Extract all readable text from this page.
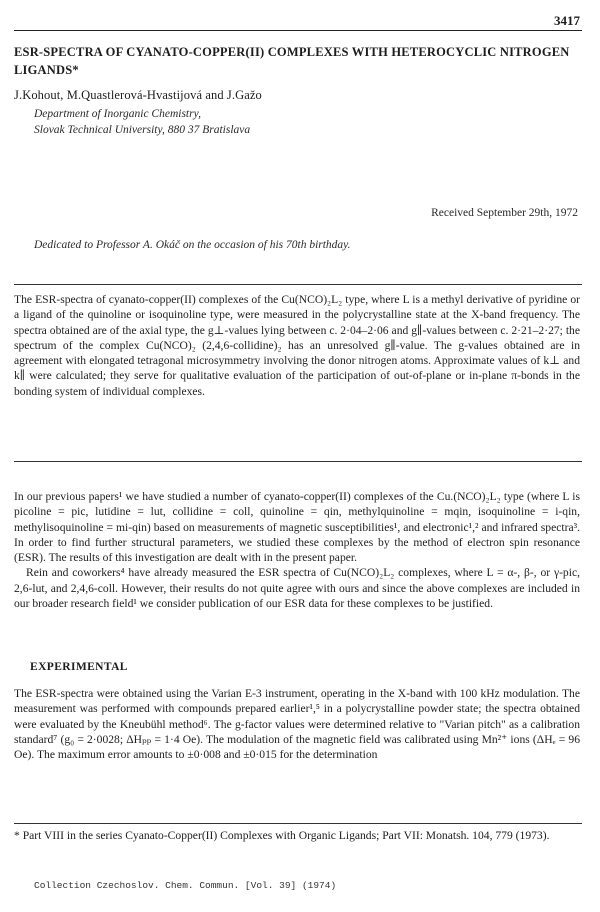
3417
ESR-SPECTRA OF CYANATO-COPPER(II) COMPLEXES WITH HETEROCYCLIC NITROGEN LIGANDS*
J.Kohout, M.Quastlerová-Hvastijová and J.Gažo
Department of Inorganic Chemistry,
Slovak Technical University, 880 37 Bratislava
Received September 29th, 1972
Dedicated to Professor A. Okáč on the occasion of his 70th birthday.
The ESR-spectra of cyanato-copper(II) complexes of the Cu(NCO)₂L₂ type, where L is a methyl derivative of pyridine or a ligand of the quinoline or isoquinoline type, were measured in the polycrystalline state at the X-band frequency. The spectra obtained are of the axial type, the g⊥-values lying between c. 2·04–2·06 and g∥-values between c. 2·21–2·27; the spectrum of the complex Cu(NCO)₂ (2,4,6-collidine)₂ has an unresolved g∥-value. The g-values obtained are in agreement with elongated tetragonal microsymmetry involving the donor nitrogen atoms. Approximate values of k⊥ and k∥ were calculated; they serve for qualitative evaluation of the participation of out-of-plane or in-plane π-bonds in the bonding system of individual complexes.
In our previous papers¹ we have studied a number of cyanato-copper(II) complexes of the Cu.(NCO)₂L₂ type (where L is picoline = pic, lutidine = lut, collidine = coll, quinoline = qin, methylquinoline = mqin, isoquinoline = i-qin, methylisoquinoline = mi-qin) based on measurements of magnetic susceptibilities¹, and electronic¹,² and infrared spectra³. In order to find further structural parameters, we studied these complexes by the method of electron spin resonance (ESR). The results of this investigation are dealt with in the present paper.
Rein and coworkers⁴ have already measured the ESR spectra of Cu(NCO)₂L₂ complexes, where L = α-, β-, or γ-pic, 2,6-lut, and 2,4,6-coll. However, their results do not quite agree with ours and since the above complexes are included in our broader research field¹ we consider publication of our ESR data for these complexes to be justified.
EXPERIMENTAL
The ESR-spectra were obtained using the Varian E-3 instrument, operating in the X-band with 100 kHz modulation. The measurement was performed with compounds prepared earlier¹,⁵ in a polycrystalline powder state; the spectra obtained were evaluated by the Kneubühl method⁶. The g-factor values were determined relative to "Varian pitch" as a calibration standard⁷ (g₀ = 2·0028; ΔHₚₚ = 1·4 Oe). The modulation of the magnetic field was calibrated using Mn²⁺ ions (ΔHₑ = 96 Oe). The maximum error amounts to ±0·008 and ±0·015 for the determination
* Part VIII in the series Cyanato-Copper(II) Complexes with Organic Ligands; Part VII: Monatsh. 104, 779 (1973).
Collection Czechoslov. Chem. Commun. [Vol. 39] (1974)
